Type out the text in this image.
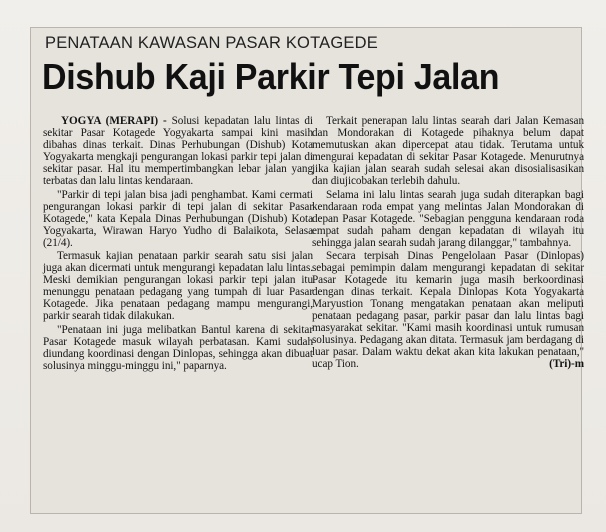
PENATAAN KAWASAN PASAR KOTAGEDE
Dishub Kaji Parkir Tepi Jalan

YOGYA (MERAPI) - Solusi kepadatan lalu lintas di sekitar Pasar Kotagede Yogyakarta sampai kini masih dibahas dinas terkait. Dinas Perhubungan (Dishub) Kota Yogyakarta mengkaji pengurangan lokasi parkir tepi jalan di sekitar pasar. Hal itu mempertimbangkan lebar jalan yang terbatas dan lalu lintas kendaraan.

"Parkir di tepi jalan bisa jadi penghambat. Kami cermati pengurangan lokasi parkir di tepi jalan di sekitar Pasar Kotagede," kata Kepala Dinas Perhubungan (Dishub) Kota Yogyakarta, Wirawan Haryo Yudho di Balaikota, Selasa (21/4).

Termasuk kajian penataan parkir searah satu sisi jalan juga akan dicermati untuk mengurangi kepadatan lalu lintas. Meski demikian pengurangan lokasi parkir tepi jalan itu menunggu penataan pedagang yang tumpah di luar Pasar Kotagede. Jika penataan pedagang mampu mengurangi, parkir searah tidak dilakukan.

"Penataan ini juga melibatkan Bantul karena di sekitar Pasar Kotagede masuk wilayah perbatasan. Kami sudah diundang koordinasi dengan Dinlopas, sehingga akan dibuat solusinya minggu-minggu ini," paparnya.

Terkait penerapan lalu lintas searah dari Jalan Kemasan dan Mondorakan di Kotagede pihaknya belum dapat memutuskan akan dipercepat atau tidak. Terutama untuk mengurai kepadatan di sekitar Pasar Kotagede. Menurutnya jika kajian jalan searah sudah selesai akan disosialisasikan dan diujicobakan terlebih dahulu.

Selama ini lalu lintas searah juga sudah diterapkan bagi kendaraan roda empat yang melintas Jalan Mondorakan di depan Pasar Kotagede. "Sebagian pengguna kendaraan roda empat sudah paham dengan kepadatan di wilayah itu sehingga jalan searah sudah jarang dilanggar," tambahnya.

Secara terpisah Dinas Pengelolaan Pasar (Dinlopas) sebagai pemimpin dalam mengurangi kepadatan di sekitar Pasar Kotagede itu kemarin juga masih berkoordinasi dengan dinas terkait. Kepala Dinlopas Kota Yogyakarta Maryustion Tonang mengatakan penataan akan meliputi penataan pedagang pasar, parkir pasar dan lalu lintas bagi masyarakat sekitar. "Kami masih koordinasi untuk rumusan solusinya. Pedagang akan ditata. Termasuk jam berdagang di luar pasar. Dalam waktu dekat akan kita lakukan penataan," ucap Tion.	(Tri)-m
